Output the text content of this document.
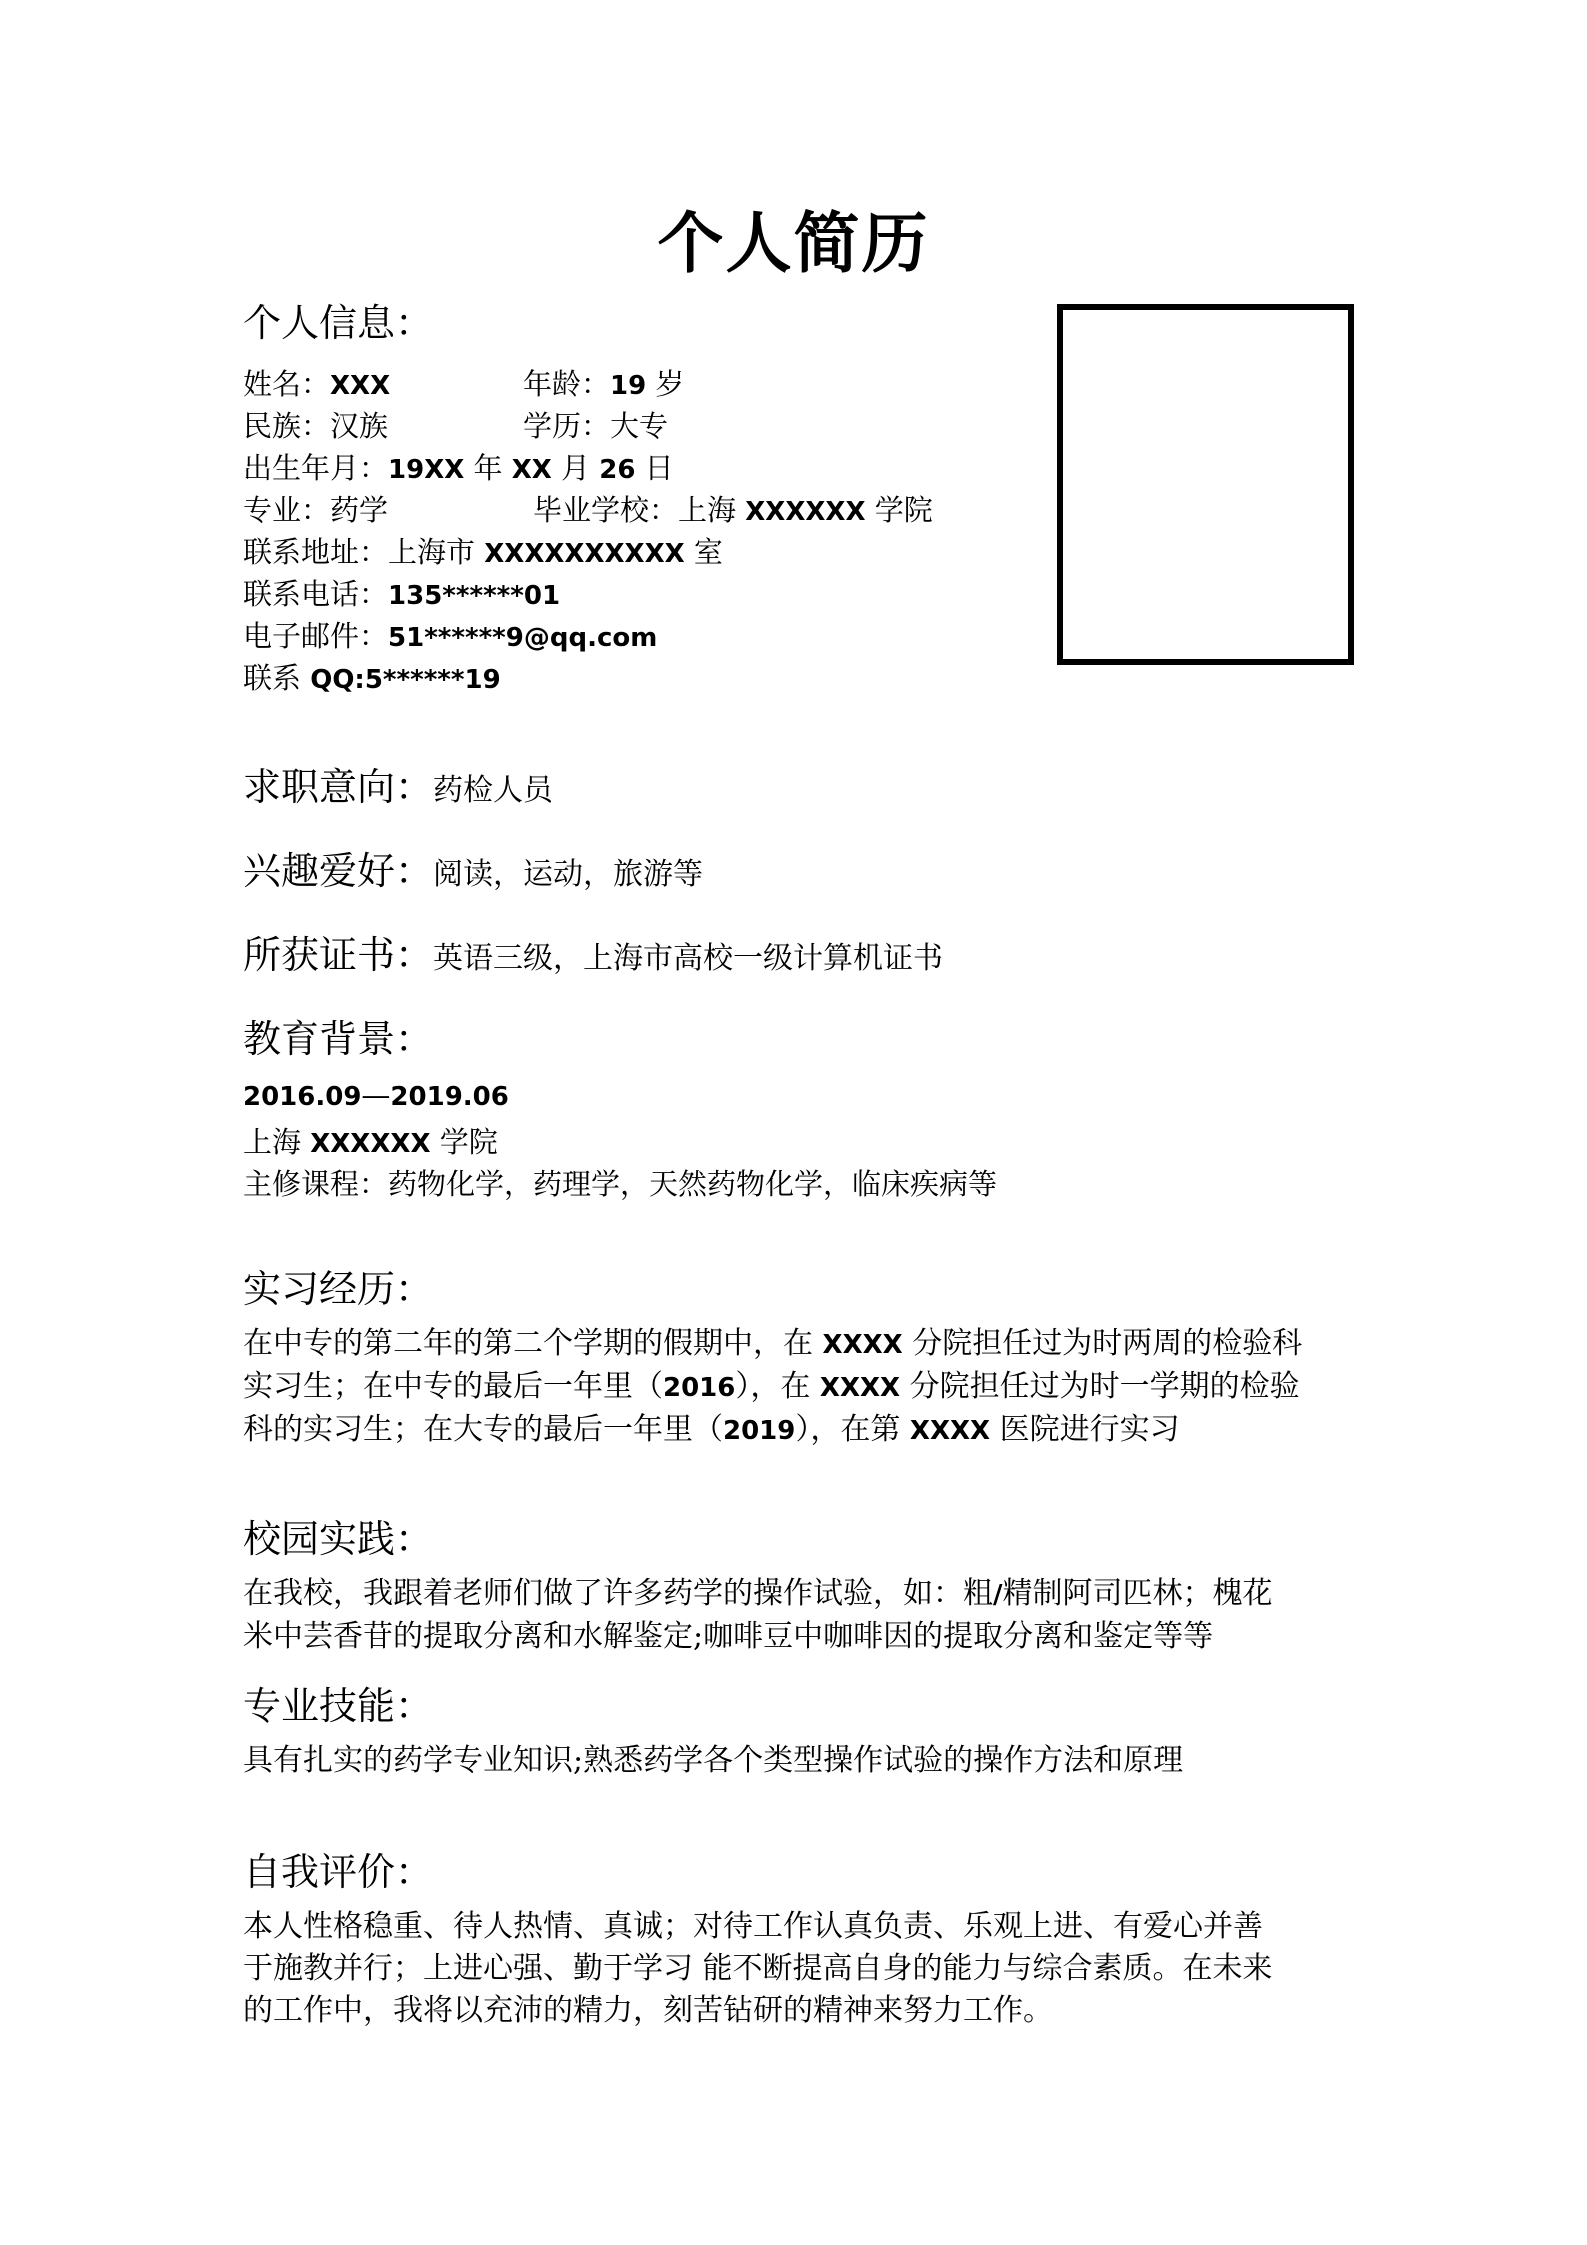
个人简历
个人信息：
姓名：XXX	年龄：19 岁
民族：汉族	学历：大专
出生年月：19XX 年 XX 月 26 日
专业：药学	毕业学校：上海 XXXXXX 学院
联系地址：上海市 XXXXXXXXXX 室
联系电话：135******01
电子邮件：51******9@qq.com
联系 QQ:5******19
求职意向：药检人员
兴趣爱好：阅读，运动，旅游等
所获证书：英语三级，上海市高校一级计算机证书
教育背景：
2016.09—2019.06
上海 XXXXXX 学院
主修课程：药物化学，药理学，天然药物化学，临床疾病等
实习经历：
在中专的第二年的第二个学期的假期中，在 XXXX 分院担任过为时两周的检验科
实习生；在中专的最后一年里（2016），在 XXXX 分院担任过为时一学期的检验
科的实习生；在大专的最后一年里（2019），在第 XXXX 医院进行实习
校园实践：
在我校，我跟着老师们做了许多药学的操作试验，如：粗/精制阿司匹林；槐花
米中芸香苷的提取分离和水解鉴定;咖啡豆中咖啡因的提取分离和鉴定等等
专业技能：
具有扎实的药学专业知识;熟悉药学各个类型操作试验的操作方法和原理
自我评价：
本人性格稳重、待人热情、真诚；对待工作认真负责、乐观上进、有爱心并善
于施教并行；上进心强、勤于学习 能不断提高自身的能力与综合素质。在未来
的工作中，我将以充沛的精力，刻苦钻研的精神来努力工作。
